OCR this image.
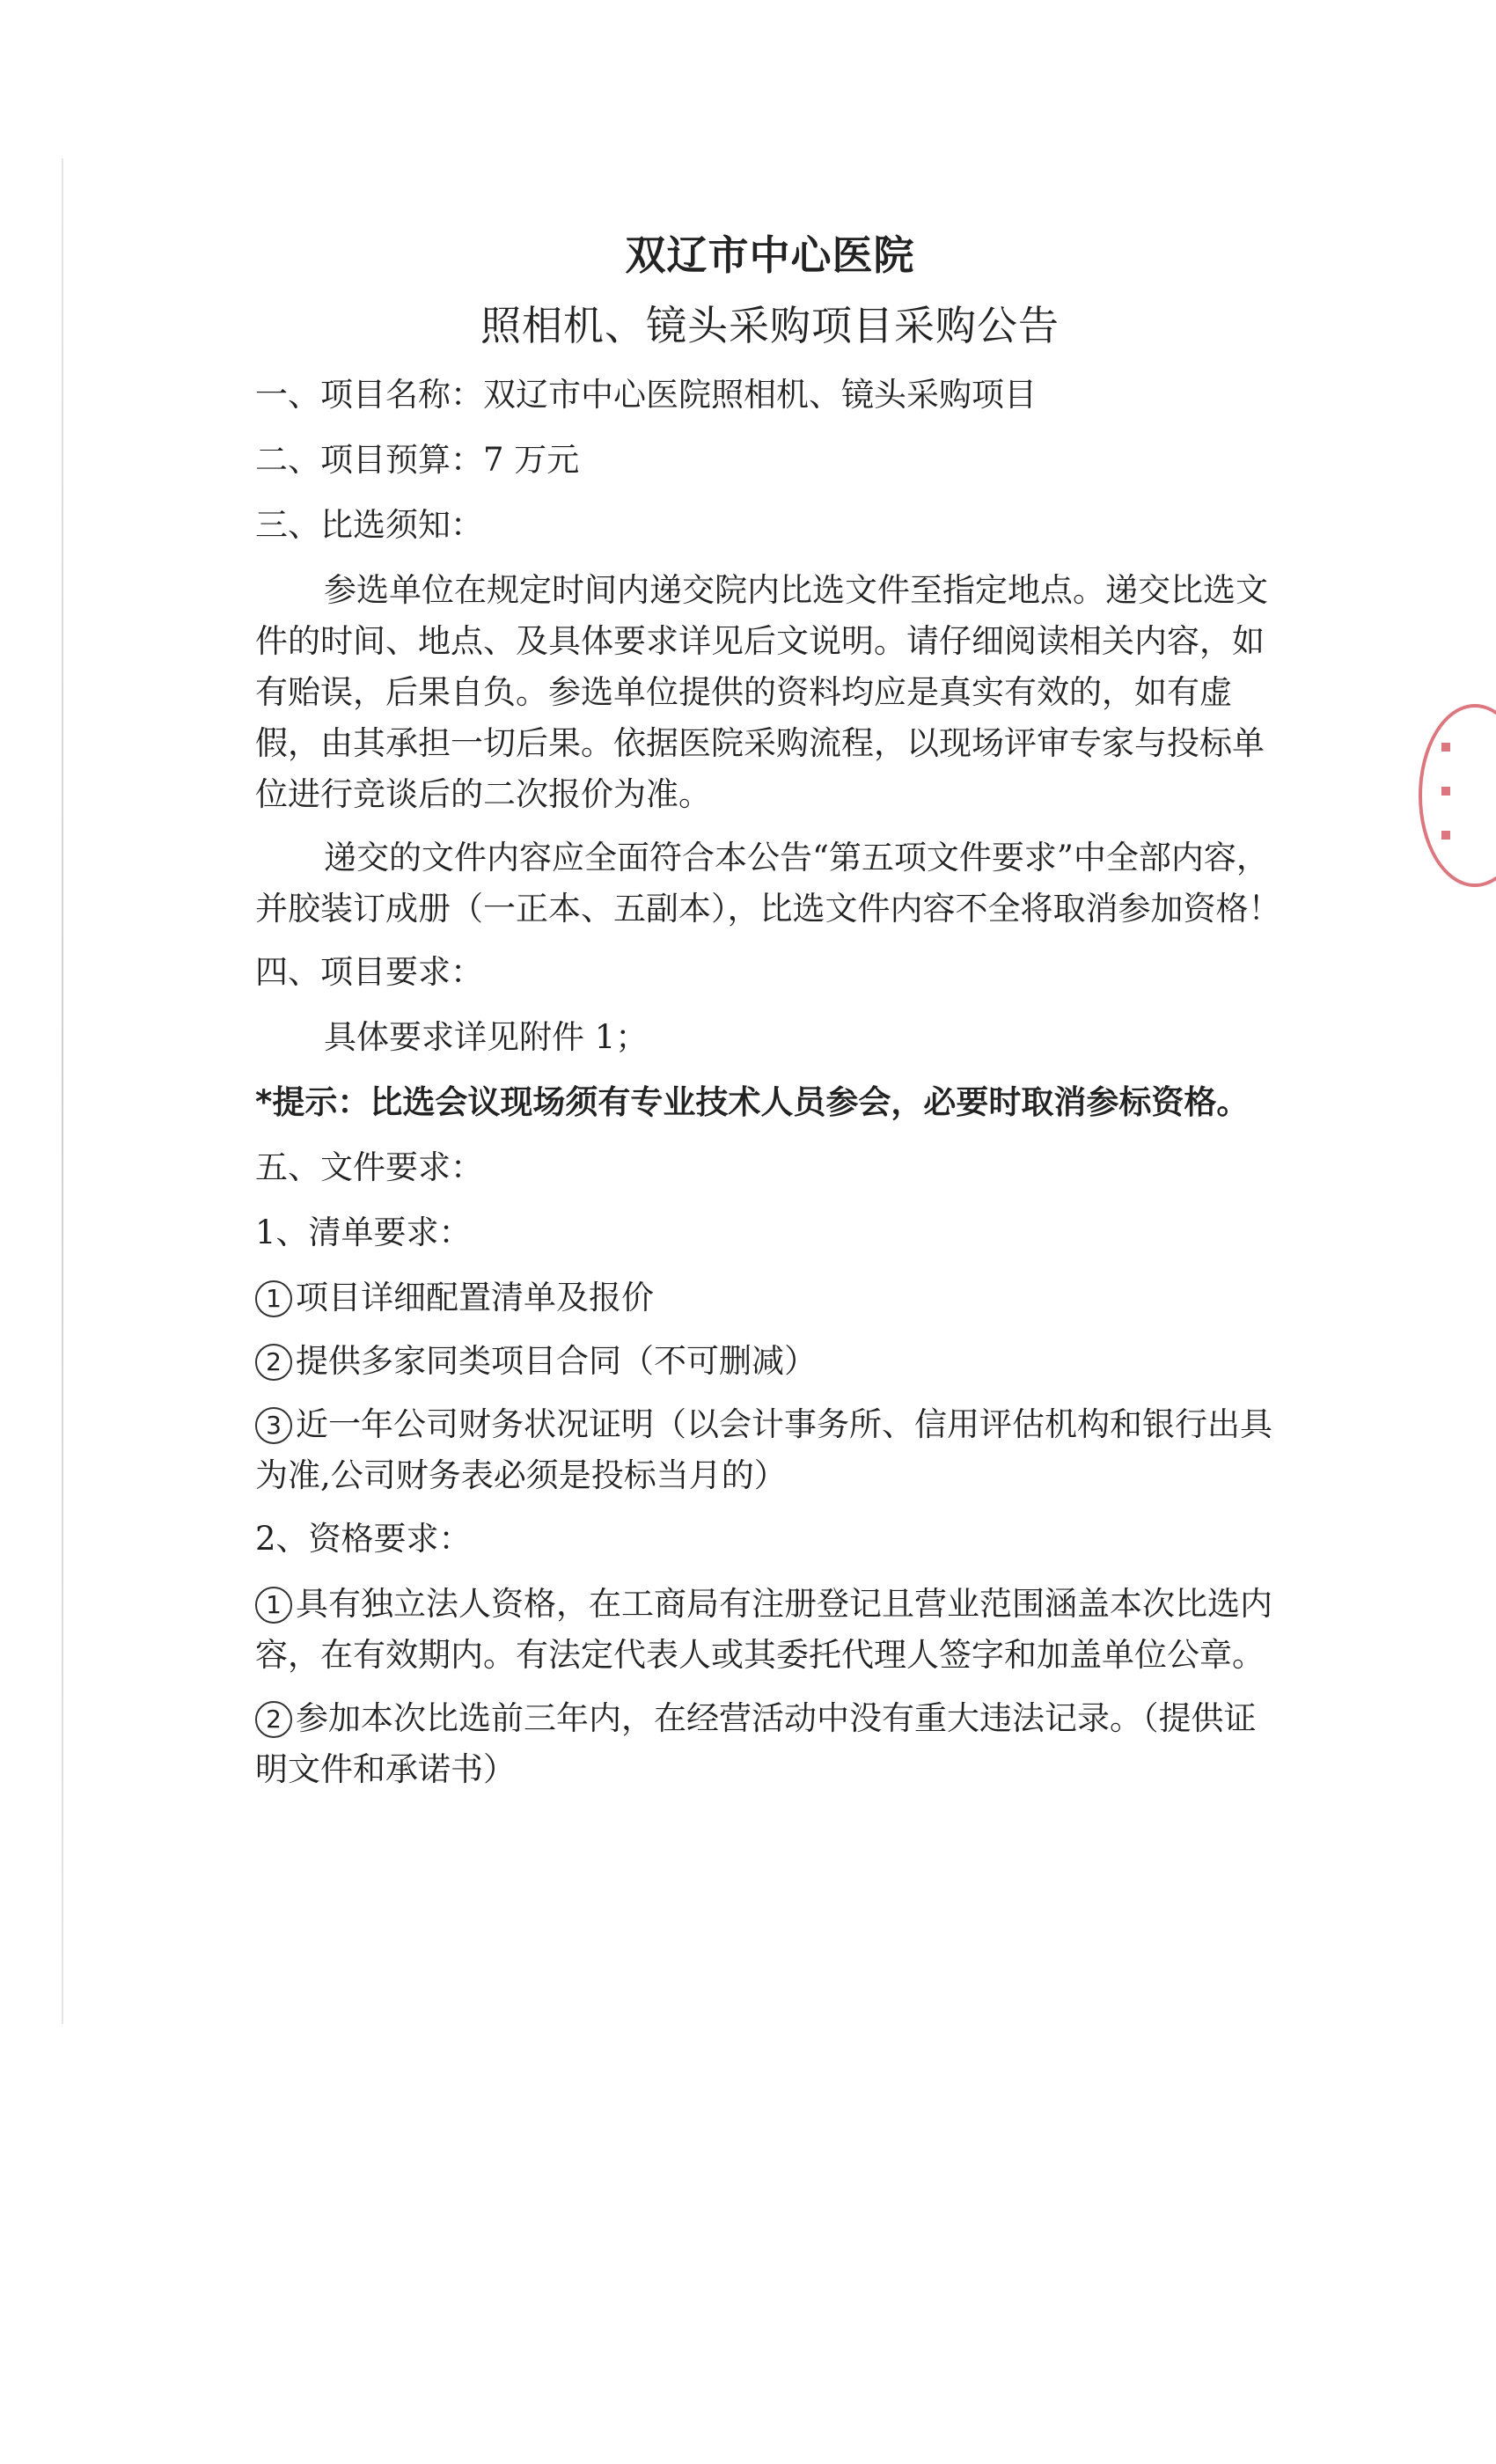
双辽市中心医院
照相机、镜头采购项目采购公告

一、项目名称：双辽市中心医院照相机、镜头采购项目

二、项目预算：7 万元

三、比选须知：

参选单位在规定时间内递交院内比选文件至指定地点。递交比选文件的时间、地点、及具体要求详见后文说明。请仔细阅读相关内容，如有贻误，后果自负。参选单位提供的资料均应是真实有效的，如有虚假，由其承担一切后果。依据医院采购流程，以现场评审专家与投标单位进行竞谈后的二次报价为准。

递交的文件内容应全面符合本公告“第五项文件要求”中全部内容，并胶装订成册（一正本、五副本），比选文件内容不全将取消参加资格！

四、项目要求：

具体要求详见附件 1；

*提示：比选会议现场须有专业技术人员参会，必要时取消参标资格。

五、文件要求：

1、清单要求：

1 项目详细配置清单及报价
2 提供多家同类项目合同（不可删减）
3 近一年公司财务状况证明（以会计事务所、信用评估机构和银行出具为准,公司财务表必须是投标当月的）

2、资格要求：

1 具有独立法人资格，在工商局有注册登记且营业范围涵盖本次比选内容，在有效期内。有法定代表人或其委托代理人签字和加盖单位公章。
2 参加本次比选前三年内，在经营活动中没有重大违法记录。（提供证明文件和承诺书）
